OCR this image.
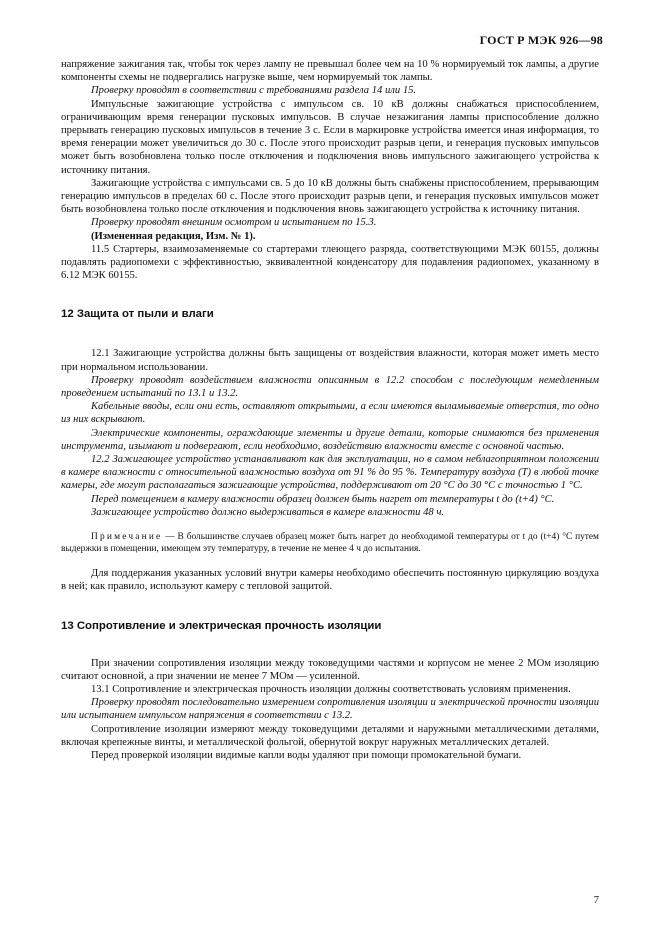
ГОСТ Р МЭК 926—98

напряжение зажигания так, чтобы ток через лампу не превышал более чем на 10 % нормируемый ток лампы, а другие компоненты схемы не подвергались нагрузке выше, чем нормируемый ток лампы.

Проверку проводят в соответствии с требованиями раздела 14 или 15.

Импульсные зажигающие устройства с импульсом св. 10 кВ должны снабжаться приспособлением, ограничивающим время генерации пусковых импульсов. В случае незажигания лампы приспособление должно прерывать генерацию пусковых импульсов в течение 3 с. Если в маркировке устройства имеется иная информация, то время генерации может увеличиться до 30 с. После этого происходит разрыв цепи, и генерация пусковых импульсов может быть возобновлена только после отключения и подключения вновь импульсного зажигающего устройства к источнику питания.

Зажигающие устройства с импульсами св. 5 до 10 кВ должны быть снабжены приспособлением, прерывающим генерацию импульсов в пределах 60 с. После этого происходит разрыв цепи, и генерация пусковых импульсов может быть возобновлена только после отключения и подключения вновь зажигающего устройства к источнику питания.

Проверку проводят внешним осмотром и испытанием по 15.3.

(Измененная редакция, Изм. № 1).

11.5 Стартеры, взаимозаменяемые со стартерами тлеющего разряда, соответствующими МЭК 60155, должны подавлять радиопомехи с эффективностью, эквивалентной конденсатору для подавления радиопомех, указанному в 6.12 МЭК 60155.

12 Защита от пыли и влаги

12.1 Зажигающие устройства должны быть защищены от воздействия влажности, которая может иметь место при нормальном использовании.

Проверку проводят воздействием влажности описанным в 12.2 способом с последующим немедленным проведением испытаний по 13.1 и 13.2.

Кабельные вводы, если они есть, оставляют открытыми, а если имеются выламываемые отверстия, то одно из них вскрывают.

Электрические компоненты, ограждающие элементы и другие детали, которые снимаются без применения инструмента, изымают и подвергают, если необходимо, воздействию влажности вместе с основной частью.

12.2 Зажигающее устройство устанавливают как для эксплуатации, но в самом неблагоприятном положении в камере влажности с относительной влажностью воздуха от 91 % до 95 %. Температуру воздуха (Т) в любой точке камеры, где могут располагаться зажигающие устройства, поддерживают от 20 °С до 30 °С с точностью 1 °С.

Перед помещением в камеру влажности образец должен быть нагрет от температуры t до (t+4) °С.

Зажигающее устройство должно выдерживаться в камере влажности 48 ч.

Примечание — В большинстве случаев образец может быть нагрет до необходимой температуры от t до (t+4) °С путем выдержки в помещении, имеющем эту температуру, в течение не менее 4 ч до испытания.

Для поддержания указанных условий внутри камеры необходимо обеспечить постоянную циркуляцию воздуха в ней; как правило, используют камеру с тепловой защитой.

13 Сопротивление и электрическая прочность изоляции

При значении сопротивления изоляции между токоведущими частями и корпусом не менее 2 МОм изоляцию считают основной, а при значении не менее 7 МОм — усиленной.

13.1 Сопротивление и электрическая прочность изоляции должны соответствовать условиям применения.

Проверку проводят последовательно измерением сопротивления изоляции и электрической прочности изоляции или испытанием импульсом напряжения в соответствии с 13.2.

Сопротивление изоляции измеряют между токоведущими деталями и наружными металлическими деталями, включая крепежные винты, и металлической фольгой, обернутой вокруг наружных металлических деталей.

Перед проверкой изоляции видимые капли воды удаляют при помощи промокательной бумаги.

7
